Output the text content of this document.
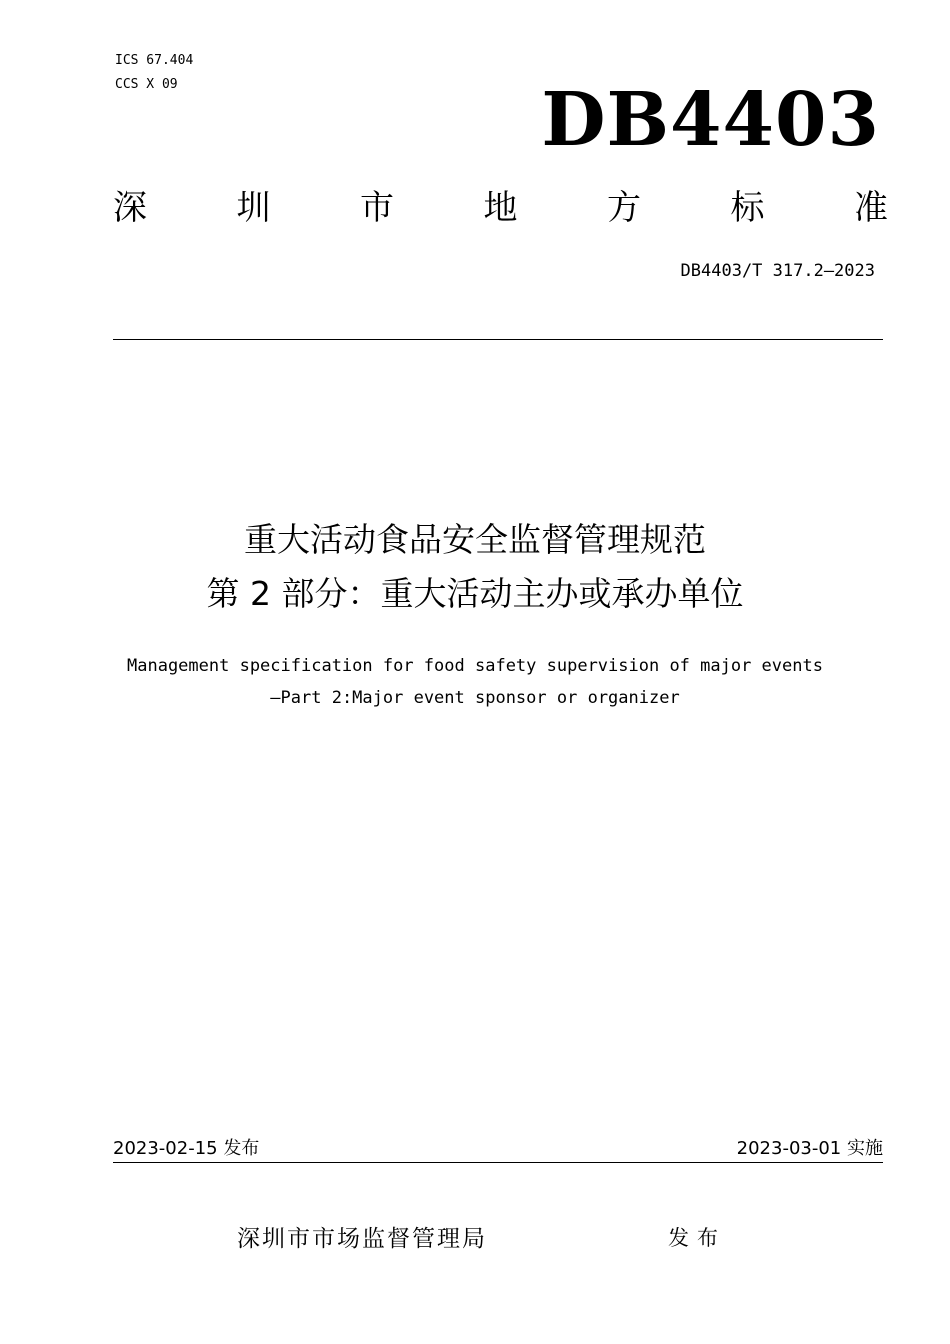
ICS 67.404
CCS X 09	DB4403
深	圳	市	地	方	标	准
DB4403/T 317.2—2023
重大活动食品安全监督管理规范
第 2 部分：重大活动主办或承办单位
Management specification for food safety supervision of major events
—Part 2:Major event sponsor or organizer
2023-02-15 发布	2023-03-01 实施
深圳市市场监督管理局	发布
